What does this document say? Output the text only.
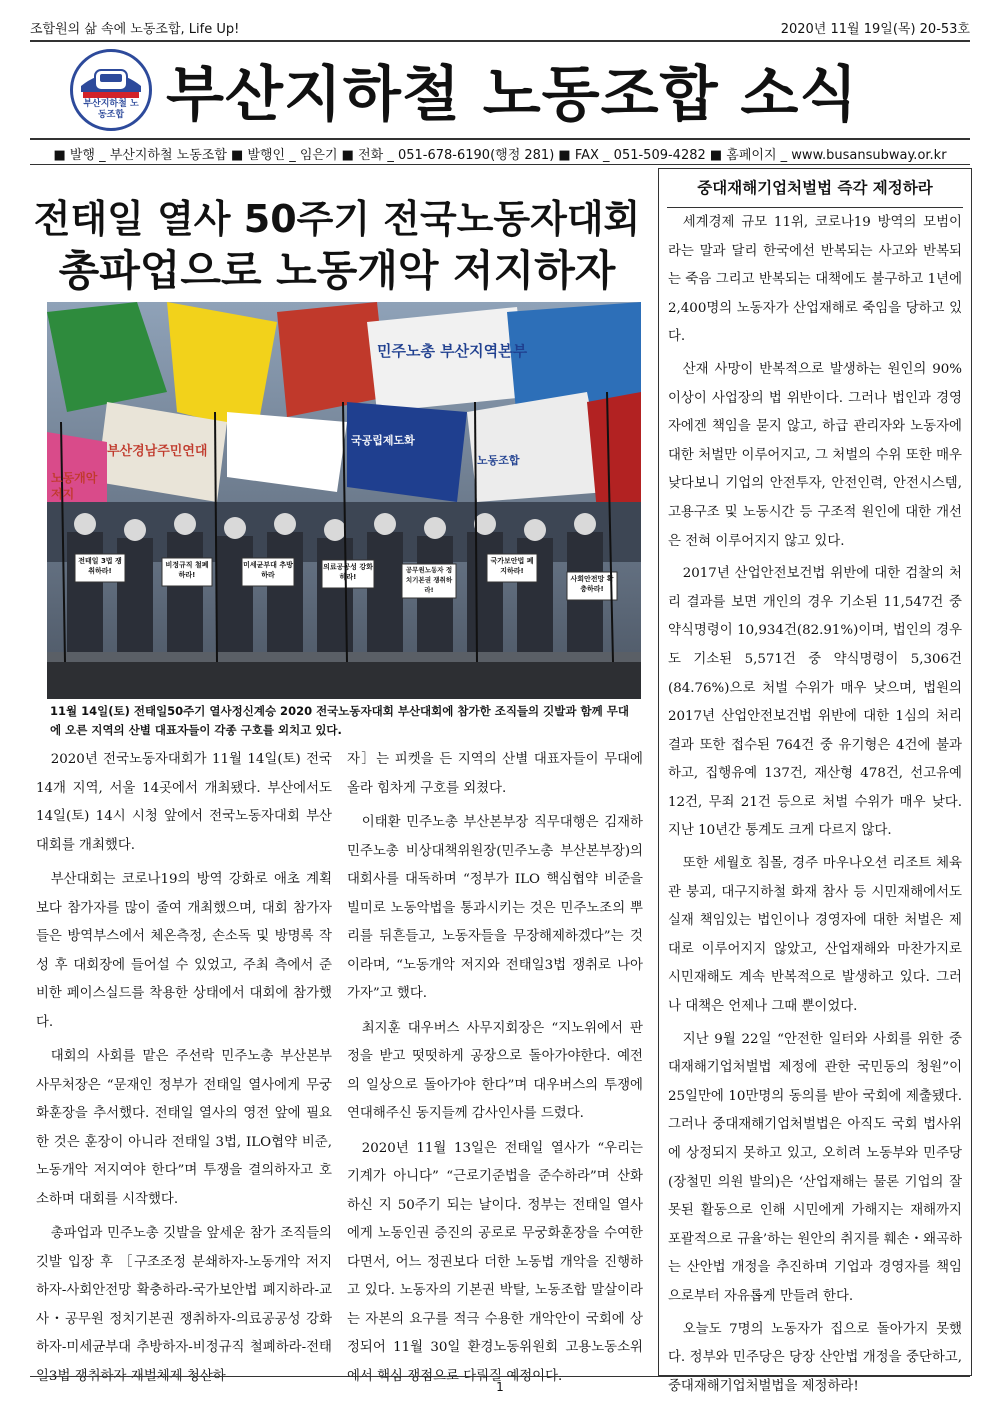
조합원의 삶 속에 노동조합, Life Up!	2020년 11월 19일(목) 20-53호
부산지하철 노동조합 부산지하철 노동조합 소식
■ 발행 _ 부산지하철 노동조합 ■ 발행인 _ 임은기 ■ 전화 _ 051-678-6190(행정 281) ■ FAX _ 051-509-4282 ■ 홈페이지 _ www.busansubway.or.kr
전태일 열사 50주기 전국노동자대회
총파업으로 노동개악 저지하자
민주노총 부산지역본부
부산경남주민연대
노동개악저지
국공립제도화
노동조합
전태일 3법 쟁취하라!
비정규직 철폐하라!
미세균부대 추방하라
의료공공성 강화하라!
공무원노동자 정치기본권 쟁취하라!
국가보안법 폐지하라!
사회안전망 확충하라!
11월 14일(토) 전태일50주기 열사정신계승 2020 전국노동자대회 부산대회에 참가한 조직들의 깃발과 함께 무대에 오른 지역의 산별 대표자들이 각종 구호를 외치고 있다.

2020년 전국노동자대회가 11월 14일(토) 전국 14개 지역, 서울 14곳에서 개최됐다. 부산에서도 14일(토) 14시 시청 앞에서 전국노동자대회 부산대회를 개최했다.

부산대회는 코로나19의 방역 강화로 애초 계획보다 참가자를 많이 줄여 개최했으며, 대회 참가자들은 방역부스에서 체온측정, 손소독 및 방명록 작성 후 대회장에 들어설 수 있었고, 주최 측에서 준비한 페이스실드를 착용한 상태에서 대회에 참가했다.

대회의 사회를 맡은 주선락 민주노총 부산본부 사무처장은 “문재인 정부가 전태일 열사에게 무궁화훈장을 추서했다. 전태일 열사의 영전 앞에 필요한 것은 훈장이 아니라 전태일 3법, ILO협약 비준, 노동개악 저지여야 한다”며 투쟁을 결의하자고 호소하며 대회를 시작했다.

총파업과 민주노총 깃발을 앞세운 참가 조직들의 깃발 입장 후 ［구조조정 분쇄하자-노동개악 저지하자-사회안전망 확충하라-국가보안법 폐지하라-교사・공무원 정치기본권 쟁취하자-의료공공성 강화하자-미세균부대 추방하자-비정규직 철폐하라-전태일3법 쟁취하자-재벌체제 청산하

자］는 피켓을 든 지역의 산별 대표자들이 무대에 올라 힘차게 구호를 외쳤다.

이태환 민주노총 부산본부장 직무대행은 김재하 민주노총 비상대책위원장(민주노총 부산본부장)의 대회사를 대독하며 “정부가 ILO 핵심협약 비준을 빌미로 노동악법을 통과시키는 것은 민주노조의 뿌리를 뒤흔들고, 노동자들을 무장해제하겠다”는 것이라며, “노동개악 저지와 전태일3법 쟁취로 나아가자”고 했다.

최지훈 대우버스 사무지회장은 “지노위에서 판정을 받고 떳떳하게 공장으로 돌아가야한다. 예전의 일상으로 돌아가야 한다”며 대우버스의 투쟁에 연대해주신 동지들께 감사인사를 드렸다.

2020년 11월 13일은 전태일 열사가 “우리는 기계가 아니다” “근로기준법을 준수하라”며 산화하신 지 50주기 되는 날이다. 정부는 전태일 열사에게 노동인권 증진의 공로로 무궁화훈장을 수여한다면서, 어느 정권보다 더한 노동법 개악을 진행하고 있다. 노동자의 기본권 박탈, 노동조합 말살이라는 자본의 요구를 적극 수용한 개악안이 국회에 상정되어 11월 30일 환경노동위원회 고용노동소위에서 핵심 쟁점으로 다뤄질 예정이다.

중대재해기업처벌법 즉각 제정하라

세계경제 규모 11위, 코로나19 방역의 모범이라는 말과 달리 한국에선 반복되는 사고와 반복되는 죽음 그리고 반복되는 대책에도 불구하고 1년에 2,400명의 노동자가 산업재해로 죽임을 당하고 있다.

산재 사망이 반복적으로 발생하는 원인의 90% 이상이 사업장의 법 위반이다. 그러나 법인과 경영자에겐 책임을 묻지 않고, 하급 관리자와 노동자에 대한 처벌만 이루어지고, 그 처벌의 수위 또한 매우 낮다보니 기업의 안전투자, 안전인력, 안전시스템, 고용구조 및 노동시간 등 구조적 원인에 대한 개선은 전혀 이루어지지 않고 있다.

2017년 산업안전보건법 위반에 대한 검찰의 처리 결과를 보면 개인의 경우 기소된 11,547건 중 약식명령이 10,934건(82.91%)이며, 법인의 경우도 기소된 5,571건 중 약식명령이 5,306건(84.76%)으로 처벌 수위가 매우 낮으며, 법원의 2017년 산업안전보건법 위반에 대한 1심의 처리 결과 또한 접수된 764건 중 유기형은 4건에 불과하고, 집행유예 137건, 재산형 478건, 선고유예 12건, 무죄 21건 등으로 처벌 수위가 매우 낮다. 지난 10년간 통계도 크게 다르지 않다.

또한 세월호 침몰, 경주 마우나오션 리조트 체육관 붕괴, 대구지하철 화재 참사 등 시민재해에서도 실재 책임있는 법인이나 경영자에 대한 처벌은 제대로 이루어지지 않았고, 산업재해와 마찬가지로 시민재해도 계속 반복적으로 발생하고 있다. 그러나 대책은 언제나 그때 뿐이었다.

지난 9월 22일 “안전한 일터와 사회를 위한 중대재해기업처벌법 제정에 관한 국민동의 청원”이 25일만에 10만명의 동의를 받아 국회에 제출됐다. 그러나 중대재해기업처벌법은 아직도 국회 법사위에 상정되지 못하고 있고, 오히려 노동부와 민주당(장철민 의원 발의)은 ‘산업재해는 물론 기업의 잘못된 활동으로 인해 시민에게 가해지는 재해까지 포괄적으로 규율’하는 원안의 취지를 훼손・왜곡하는 산안법 개정을 추진하며 기업과 경영자를 책임으로부터 자유롭게 만들려 한다.

오늘도 7명의 노동자가 집으로 돌아가지 못했다. 정부와 민주당은 당장 산안법 개정을 중단하고, 중대재해기업처벌법을 제정하라!

1
